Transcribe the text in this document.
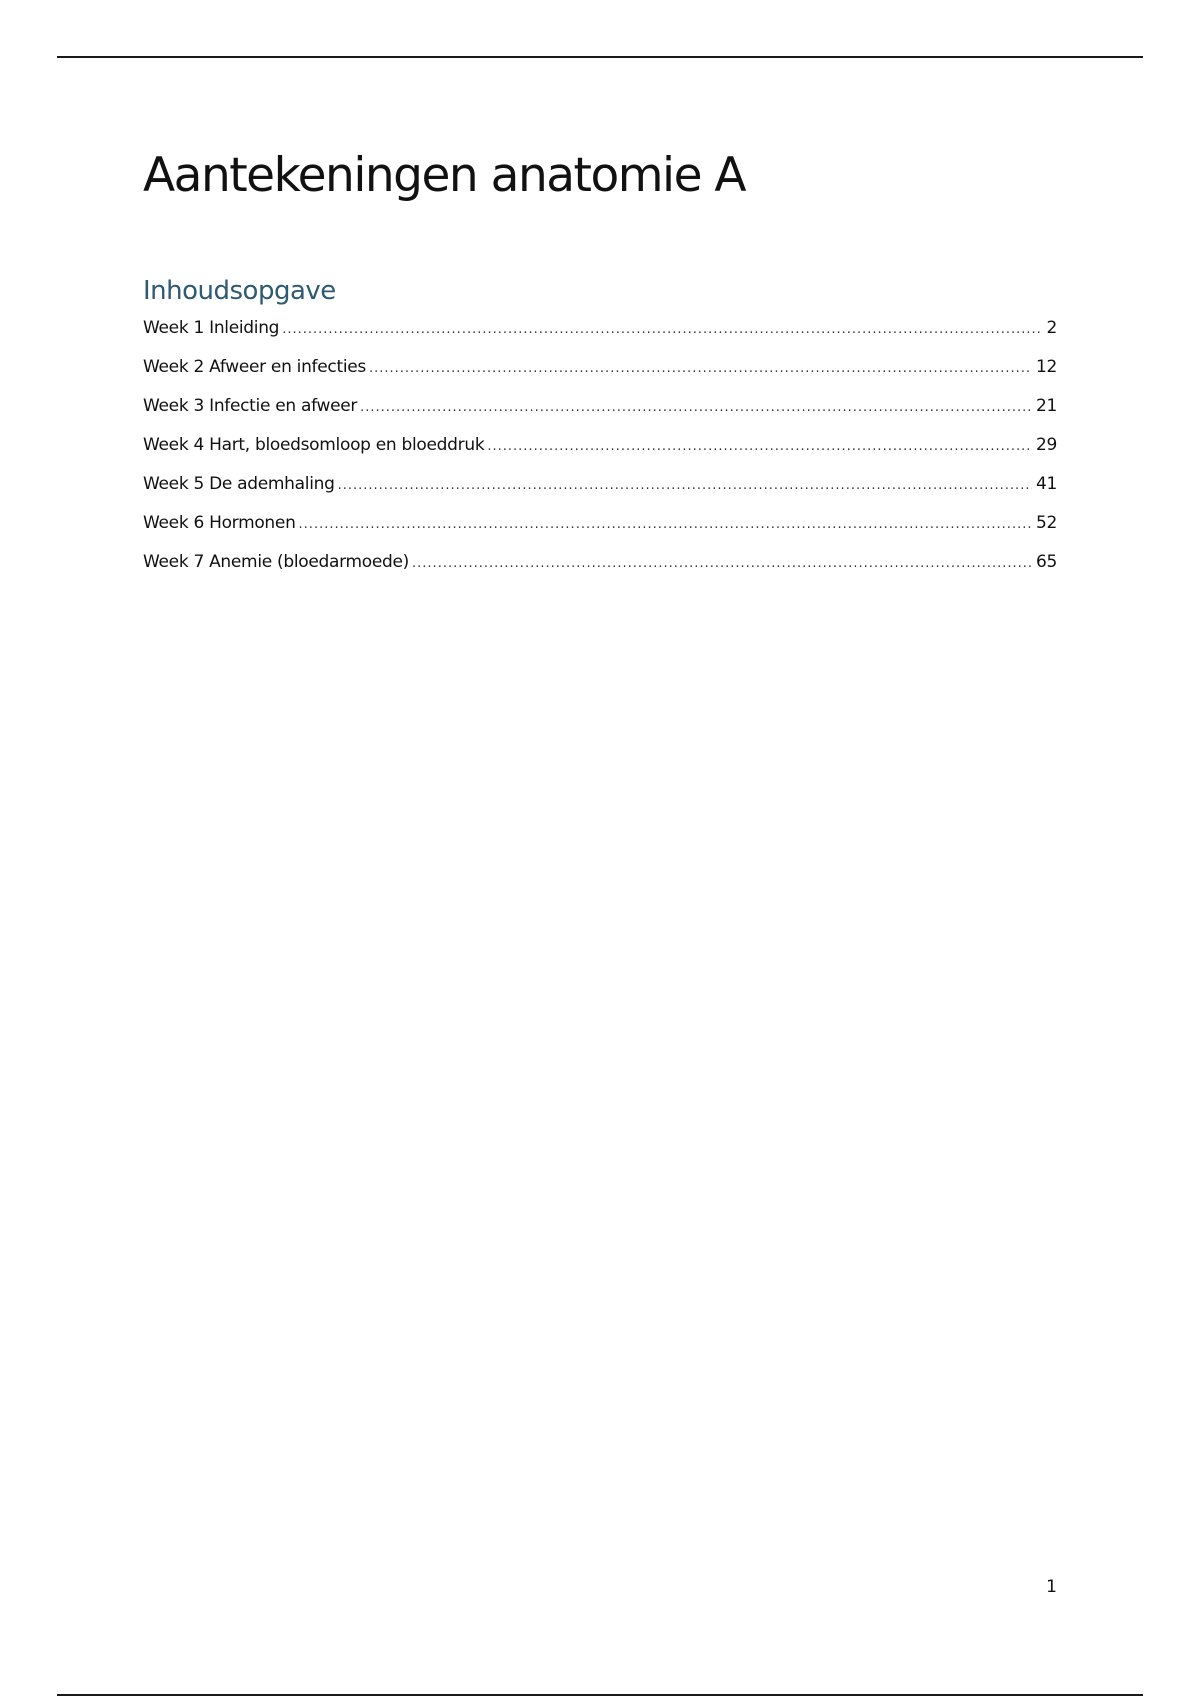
Aantekeningen anatomie A
Inhoudsopgave
Week 1 Inleiding .....	2
Week 2 Afweer en infecties .....	12
Week 3 Infectie en afweer .....	21
Week 4 Hart, bloedsomloop en bloeddruk .....	29
Week 5 De ademhaling .....	41
Week 6 Hormonen .....	52
Week 7 Anemie (bloedarmoede) .....	65
1
